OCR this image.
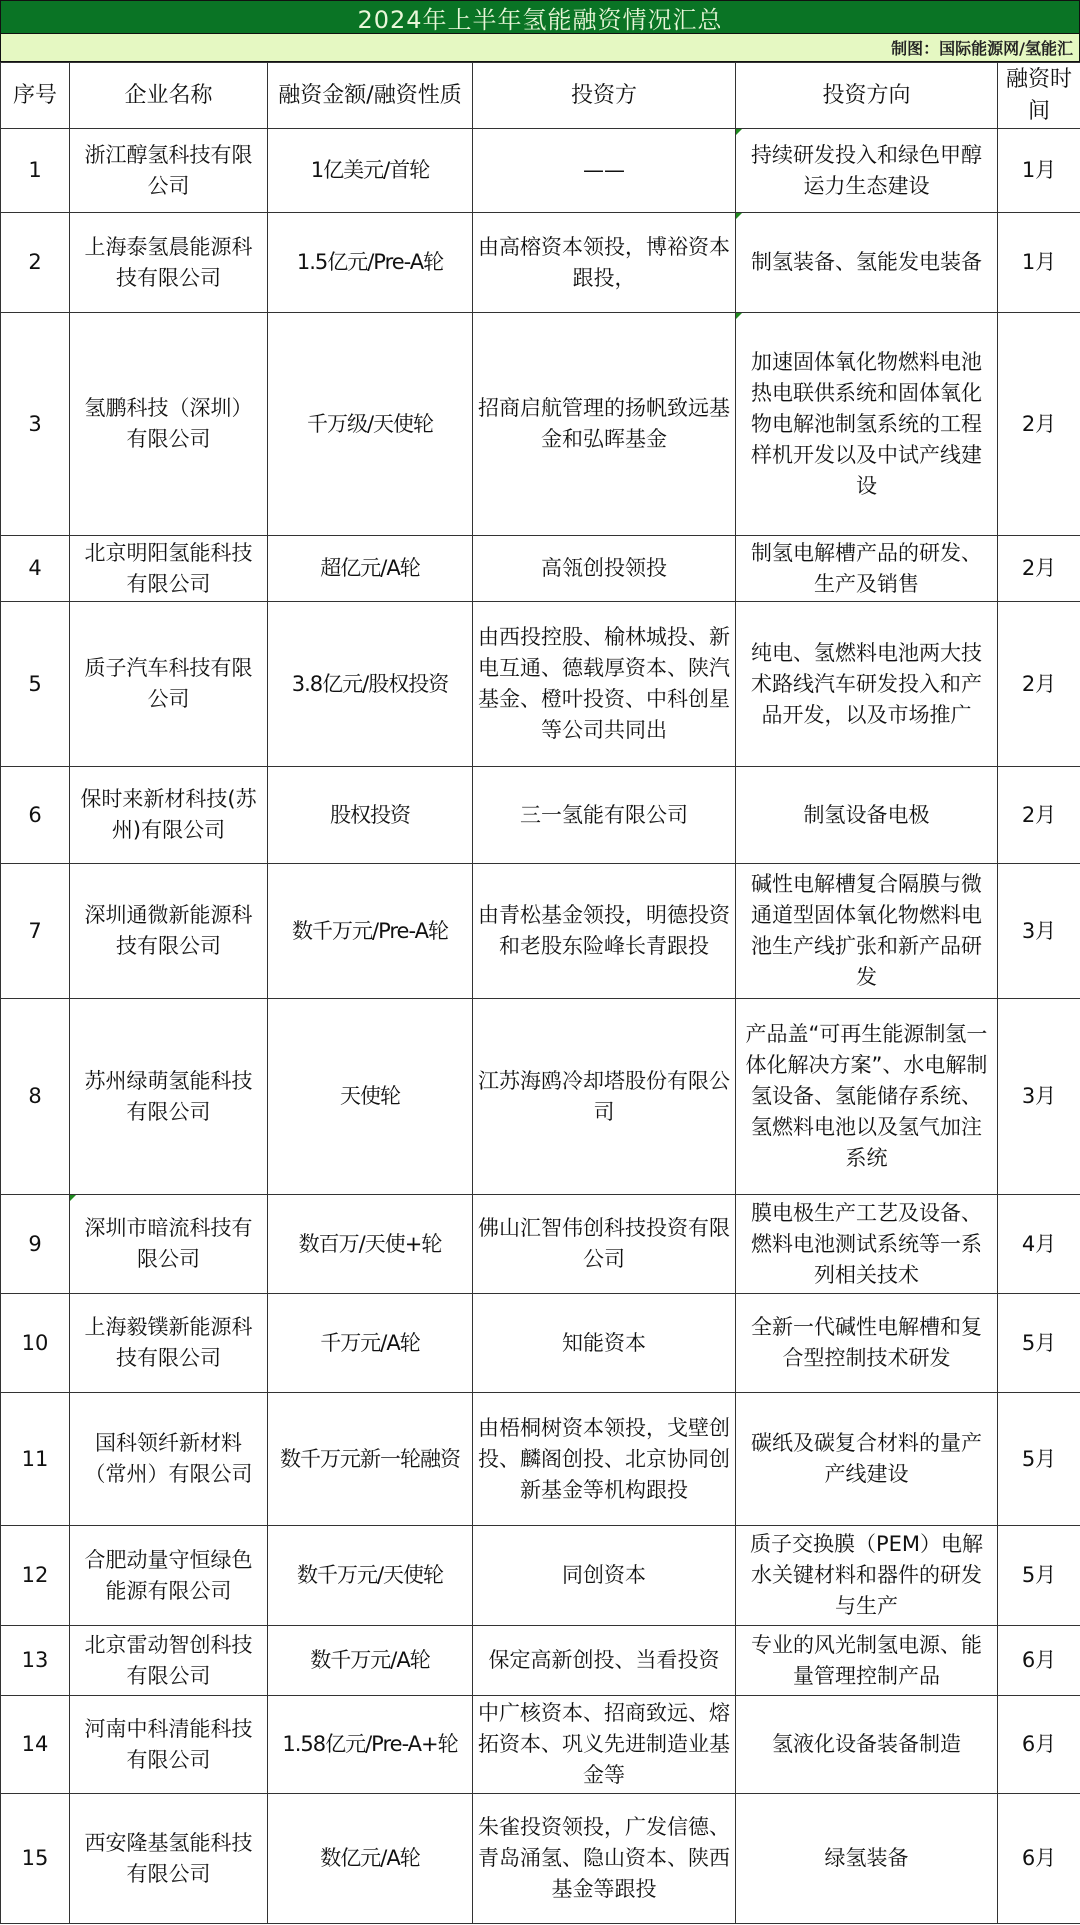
2024年上半年氢能融资情况汇总
制图：国际能源网/氢能汇
序号	企业名称	融资金额/融资性质	投资方	投资方向	融资时间
1	浙江醇氢科技有限公司	1亿美元/首轮	——	持续研发投入和绿色甲醇运力生态建设	1月
2	上海泰氢晨能源科技有限公司	1.5亿元/Pre-A轮	由高榕资本领投，博裕资本跟投，	制氢装备、氢能发电装备	1月
3	氢鹏科技（深圳）有限公司	千万级/天使轮	招商启航管理的扬帆致远基金和弘晖基金	加速固体氧化物燃料电池热电联供系统和固体氧化物电解池制氢系统的工程样机开发以及中试产线建设	2月
4	北京明阳氢能科技有限公司	超亿元/A轮	高瓴创投领投	制氢电解槽产品的研发、生产及销售	2月
5	质子汽车科技有限公司	3.8亿元/股权投资	由西投控股、榆林城投、新电互通、德载厚资本、陕汽基金、橙叶投资、中科创星等公司共同出	纯电、氢燃料电池两大技术路线汽车研发投入和产品开发，以及市场推广	2月
6	保时来新材科技(苏州)有限公司	股权投资	三一氢能有限公司	制氢设备电极	2月
7	深圳通微新能源科技有限公司	数千万元/Pre-A轮	由青松基金领投，明德投资和老股东险峰长青跟投	碱性电解槽复合隔膜与微通道型固体氧化物燃料电池生产线扩张和新产品研发	3月
8	苏州绿萌氢能科技有限公司	天使轮	江苏海鸥冷却塔股份有限公司	产品盖“可再生能源制氢一体化解决方案”、水电解制氢设备、氢能储存系统、氢燃料电池以及氢气加注系统	3月
9	深圳市暗流科技有限公司	数百万/天使+轮	佛山汇智伟创科技投资有限公司	膜电极生产工艺及设备、燃料电池测试系统等一系列相关技术	4月
10	上海毅镤新能源科技有限公司	千万元/A轮	知能资本	全新一代碱性电解槽和复合型控制技术研发	5月
11	国科领纤新材料（常州）有限公司	数千万元新一轮融资	由梧桐树资本领投，戈壁创投、麟阁创投、北京协同创新基金等机构跟投	碳纸及碳复合材料的量产产线建设	5月
12	合肥动量守恒绿色能源有限公司	数千万元/天使轮	同创资本	质子交换膜（PEM）电解水关键材料和器件的研发与生产	5月
13	北京雷动智创科技有限公司	数千万元/A轮	保定高新创投、当看投资	专业的风光制氢电源、能量管理控制产品	6月
14	河南中科清能科技有限公司	1.58亿元/Pre-A+轮	中广核资本、招商致远、熔拓资本、巩义先进制造业基金等	氢液化设备装备制造	6月
15	西安隆基氢能科技有限公司	数亿元/A轮	朱雀投资领投，广发信德、青岛涌氢、隐山资本、陕西基金等跟投	绿氢装备	6月
